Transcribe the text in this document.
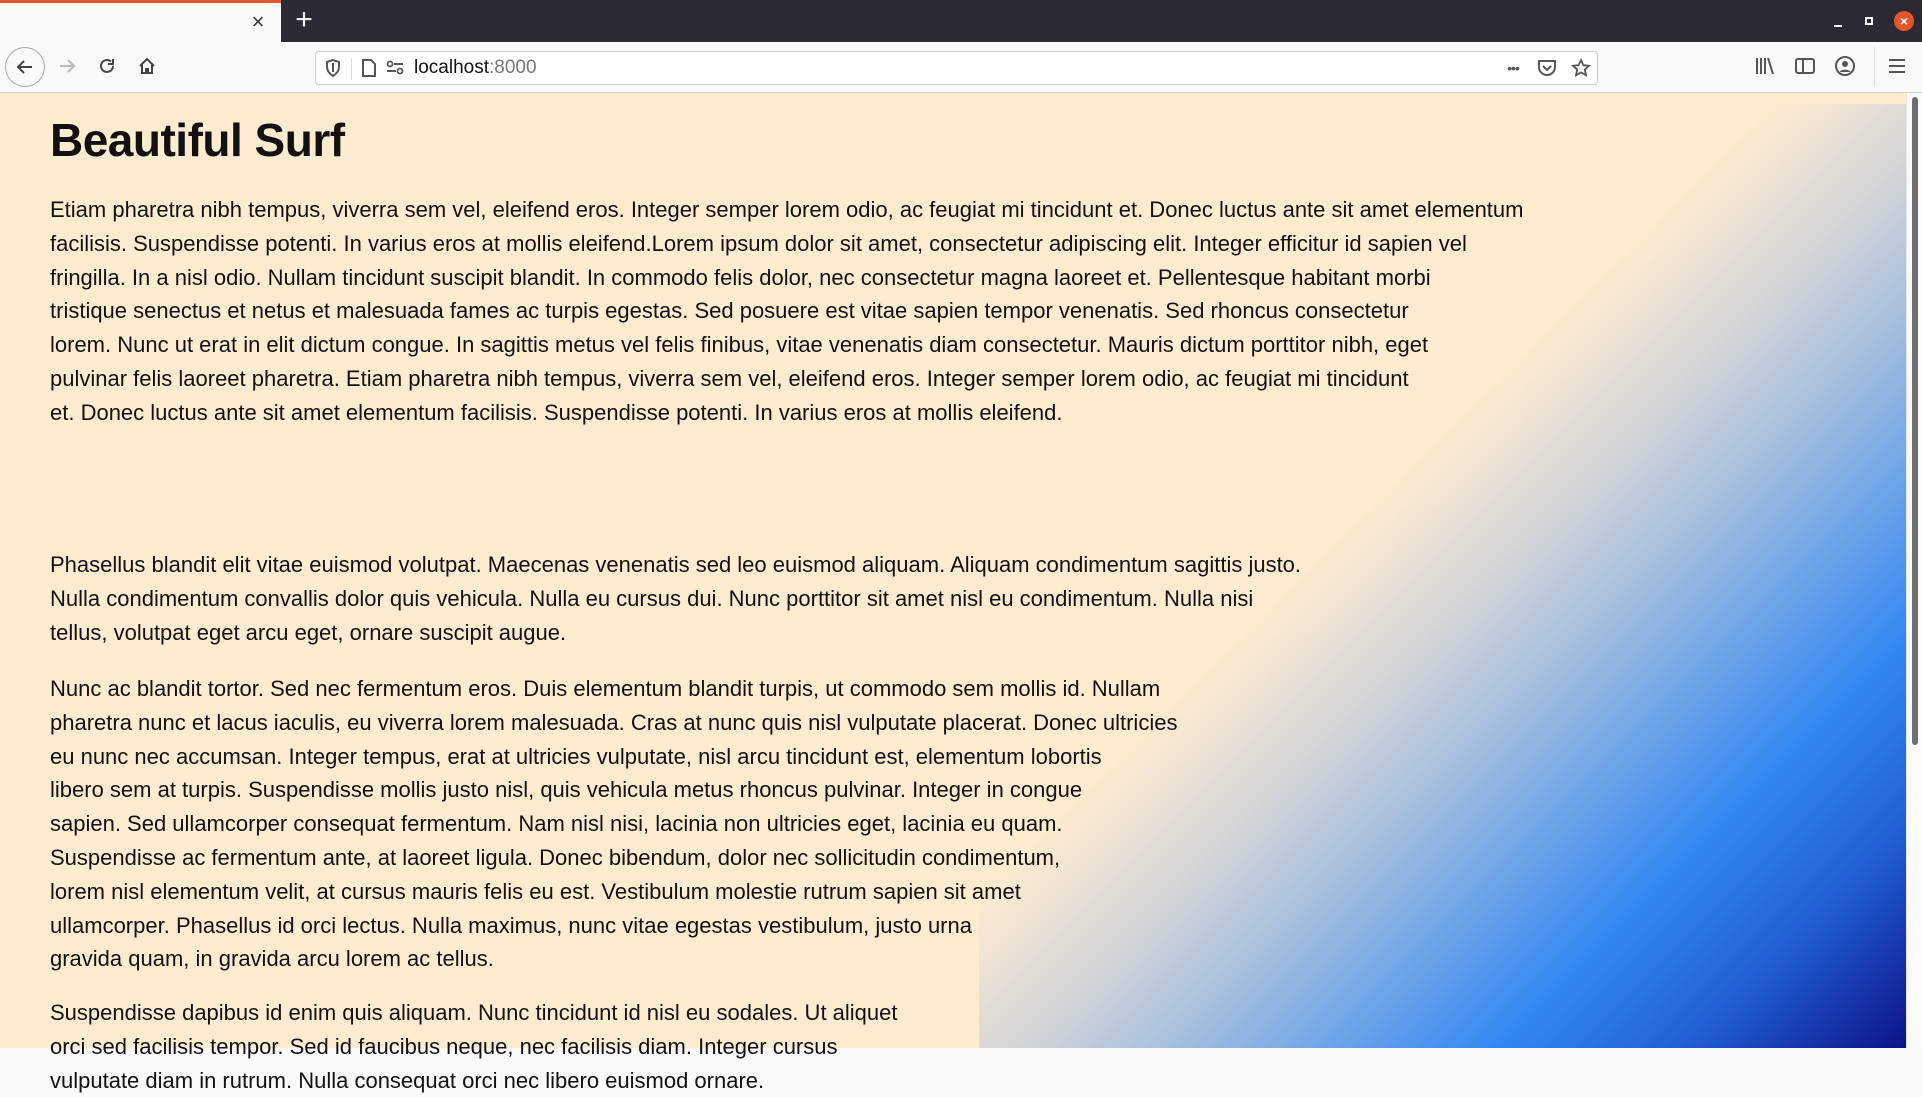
× +	×
localhost:8000	•••
Beautiful Surf

Etiam pharetra nibh tempus, viverra sem vel, eleifend eros. Integer semper lorem odio, ac feugiat mi tincidunt et. Donec luctus ante sit amet elementum
facilisis. Suspendisse potenti. In varius eros at mollis eleifend.Lorem ipsum dolor sit amet, consectetur adipiscing elit. Integer efficitur id sapien vel
fringilla. In a nisl odio. Nullam tincidunt suscipit blandit. In commodo felis dolor, nec consectetur magna laoreet et. Pellentesque habitant morbi
tristique senectus et netus et malesuada fames ac turpis egestas. Sed posuere est vitae sapien tempor venenatis. Sed rhoncus consectetur
lorem. Nunc ut erat in elit dictum congue. In sagittis metus vel felis finibus, vitae venenatis diam consectetur. Mauris dictum porttitor nibh, eget
pulvinar felis laoreet pharetra. Etiam pharetra nibh tempus, viverra sem vel, eleifend eros. Integer semper lorem odio, ac feugiat mi tincidunt
et. Donec luctus ante sit amet elementum facilisis. Suspendisse potenti. In varius eros at mollis eleifend.

Phasellus blandit elit vitae euismod volutpat. Maecenas venenatis sed leo euismod aliquam. Aliquam condimentum sagittis justo.
Nulla condimentum convallis dolor quis vehicula. Nulla eu cursus dui. Nunc porttitor sit amet nisl eu condimentum. Nulla nisi
tellus, volutpat eget arcu eget, ornare suscipit augue.

Nunc ac blandit tortor. Sed nec fermentum eros. Duis elementum blandit turpis, ut commodo sem mollis id. Nullam
pharetra nunc et lacus iaculis, eu viverra lorem malesuada. Cras at nunc quis nisl vulputate placerat. Donec ultricies
eu nunc nec accumsan. Integer tempus, erat at ultricies vulputate, nisl arcu tincidunt est, elementum lobortis
libero sem at turpis. Suspendisse mollis justo nisl, quis vehicula metus rhoncus pulvinar. Integer in congue
sapien. Sed ullamcorper consequat fermentum. Nam nisl nisi, lacinia non ultricies eget, lacinia eu quam.
Suspendisse ac fermentum ante, at laoreet ligula. Donec bibendum, dolor nec sollicitudin condimentum,
lorem nisl elementum velit, at cursus mauris felis eu est. Vestibulum molestie rutrum sapien sit amet
ullamcorper. Phasellus id orci lectus. Nulla maximus, nunc vitae egestas vestibulum, justo urna
gravida quam, in gravida arcu lorem ac tellus.

Suspendisse dapibus id enim quis aliquam. Nunc tincidunt id nisl eu sodales. Ut aliquet
orci sed facilisis tempor. Sed id faucibus neque, nec facilisis diam. Integer cursus
vulputate diam in rutrum. Nulla consequat orci nec libero euismod ornare.
